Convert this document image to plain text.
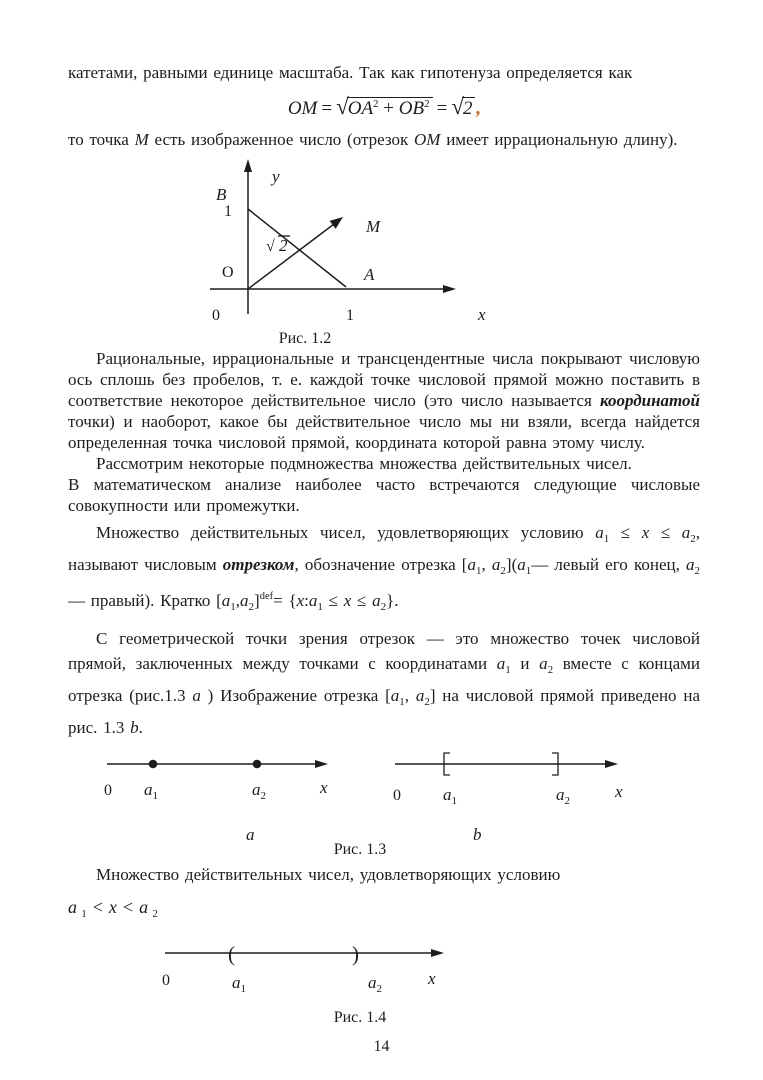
катетами, равными единице масштаба. Так как гипотенуза определяется как

OM = $√OA^2 + OB^2 = √2$ ,

то точка M есть изображенное число (отрезок OM имеет иррациональную длину).

y
B
1
√ 2
O	A
M
0	1	x
Рис. 1.2

Рациональные, иррациональные и трансцендентные числа покрывают числовую ось сплошь без пробелов, т. е. каждой точке числовой прямой можно поставить в соответствие некоторое действительное число (это число называется координатой точки) и наоборот, какое бы действительное число мы ни взяли, всегда найдется определенная точка числовой прямой, координата которой равна этому числу.

Рассмотрим некоторые подмножества множества действительных чисел.

В математическом анализе наиболее часто встречаются следующие числовые совокупности или промежутки.

Множество действительных чисел, удовлетворяющих условию $a_1 \le x \le a_2$, называют числовым отрезком, обозначение отрезка [$a_1$, $a_2](a_1—$ левый его конец, $a_2—$ правый). Кратко $[a_1,a_2]^{def}=$ $\{x:a_1 \le x \le a_2\}$.

С геометрической точки зрения отрезок — это множество точек числовой прямой, заключенных между точками с координатами $a_1$ и $a_2$ вместе с концами отрезка (рис.1.3 a ) Изображение отрезка [$a_1$, $a_2$] на числовой прямой приведено на рис. 1.3 b.

0 $a_1$	$a_2$	x
a
0 $a_1$	$a_2$	x
b
Рис. 1.3

Множество действительных чисел, удовлетворяющих условию

a $_1$ < x < a $_2$

(	)
0	$a_1$	$a_2$
x
Рис. 1.4
14
